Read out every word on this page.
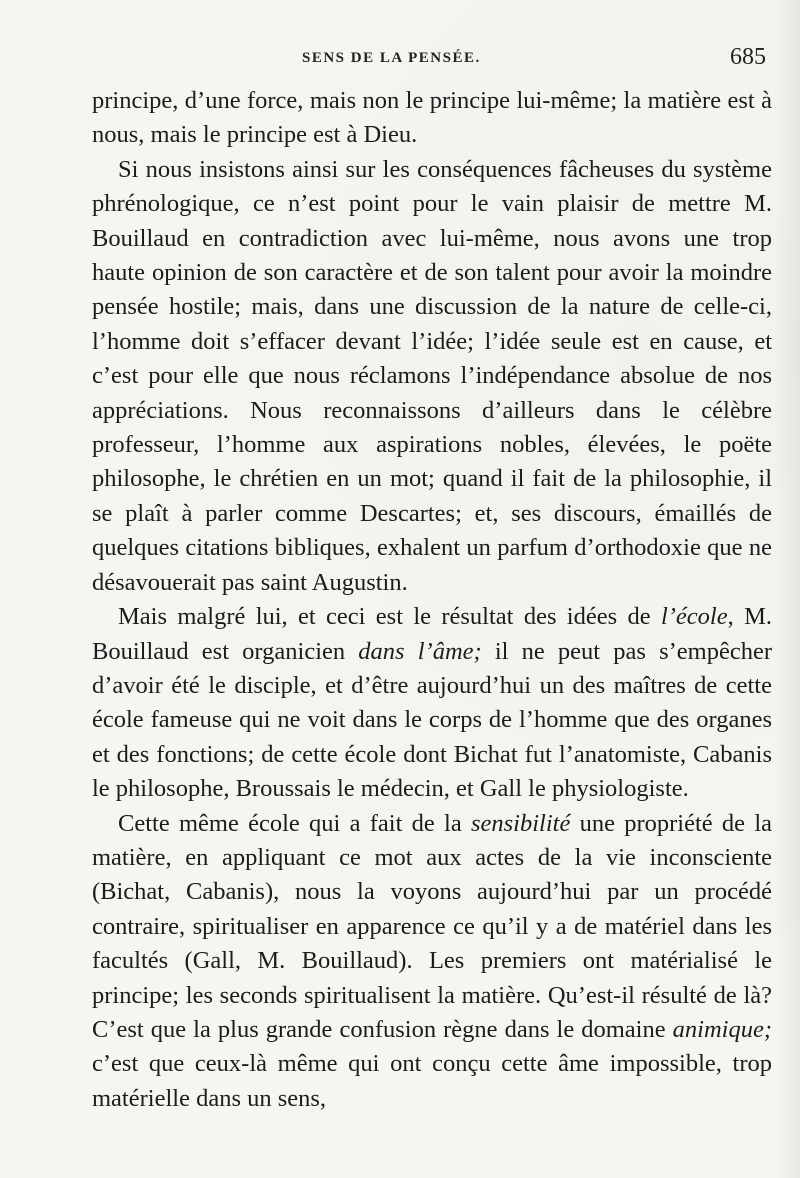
SENS DE LA PENSÉE.	685

principe, d’une force, mais non le principe lui-même; la matière est à nous, mais le principe est à Dieu.

Si nous insistons ainsi sur les conséquences fâcheuses du système phrénologique, ce n’est point pour le vain plaisir de mettre M. Bouillaud en contradiction avec lui-même, nous avons une trop haute opinion de son caractère et de son talent pour avoir la moindre pensée hostile; mais, dans une discussion de la nature de celle-ci, l’homme doit s’effacer devant l’idée; l’idée seule est en cause, et c’est pour elle que nous réclamons l’indépendance absolue de nos appréciations. Nous reconnaissons d’ailleurs dans le célèbre professeur, l’homme aux aspirations nobles, élevées, le poëte philosophe, le chrétien en un mot; quand il fait de la philosophie, il se plaît à parler comme Descartes; et, ses discours, émaillés de quelques citations bibliques, exhalent un parfum d’orthodoxie que ne désavouerait pas saint Augustin.

Mais malgré lui, et ceci est le résultat des idées de l’école, M. Bouillaud est organicien dans l’âme; il ne peut pas s’empêcher d’avoir été le disciple, et d’être aujourd’hui un des maîtres de cette école fameuse qui ne voit dans le corps de l’homme que des organes et des fonctions; de cette école dont Bichat fut l’anatomiste, Cabanis le philosophe, Broussais le médecin, et Gall le physiologiste.

Cette même école qui a fait de la sensibilité une propriété de la matière, en appliquant ce mot aux actes de la vie inconsciente (Bichat, Cabanis), nous la voyons aujourd’hui par un procédé contraire, spiritualiser en apparence ce qu’il y a de matériel dans les facultés (Gall, M. Bouillaud). Les premiers ont matérialisé le principe; les seconds spiritualisent la matière. Qu’est-il résulté de là? C’est que la plus grande confusion règne dans le domaine animique; c’est que ceux-là même qui ont conçu cette âme impossible, trop matérielle dans un sens,
